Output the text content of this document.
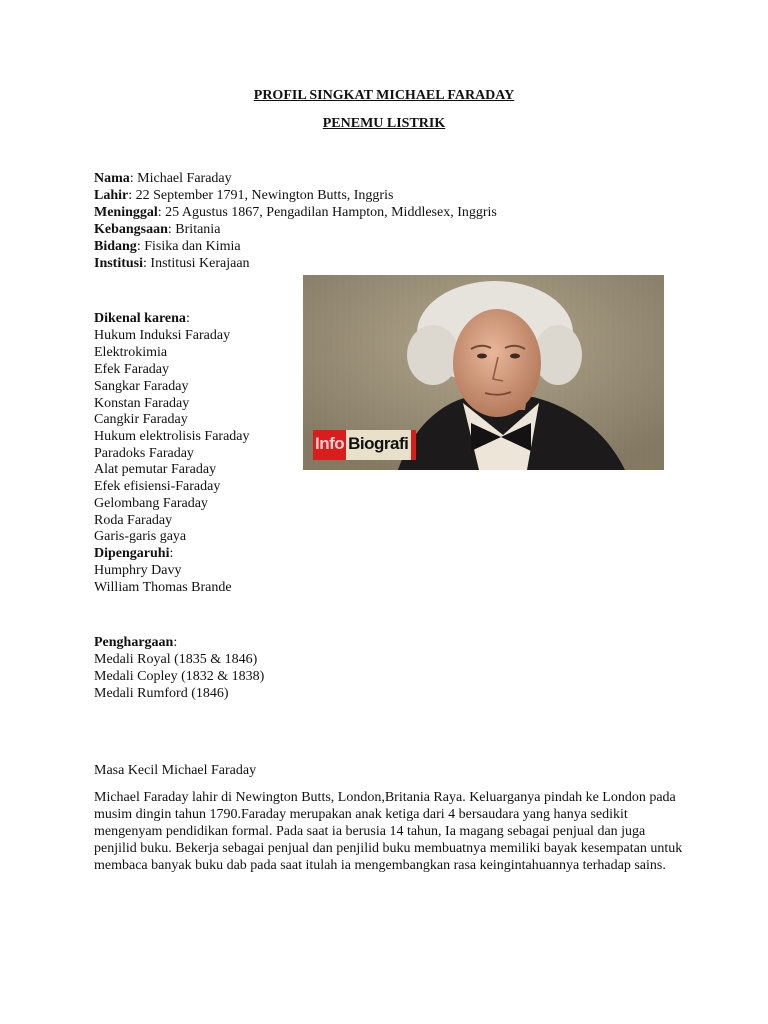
PROFIL SINGKAT MICHAEL FARADAY
PENEMU LISTRIK
Nama: Michael Faraday
Lahir: 22 September 1791, Newington Butts, Inggris
Meninggal: 25 Agustus 1867, Pengadilan Hampton, Middlesex, Inggris
Kebangsaan: Britania
Bidang: Fisika dan Kimia
Institusi: Institusi Kerajaan
Info Biografi
Dikenal karena:
Hukum Induksi Faraday
Elektrokimia
Efek Faraday
Sangkar Faraday
Konstan Faraday
Cangkir Faraday
Hukum elektrolisis Faraday
Paradoks Faraday
Alat pemutar Faraday
Efek efisiensi-Faraday
Gelombang Faraday
Roda Faraday
Garis-garis gaya
Dipengaruhi:
Humphry Davy
William Thomas Brande
Penghargaan:
Medali Royal (1835 & 1846)
Medali Copley (1832 & 1838)
Medali Rumford (1846)
Masa Kecil Michael Faraday
Michael Faraday lahir di Newington Butts, London,Britania Raya. Keluarganya pindah ke London pada musim dingin tahun 1790.Faraday merupakan anak ketiga dari 4 bersaudara yang hanya sedikit mengenyam pendidikan formal. Pada saat ia berusia 14 tahun, Ia magang sebagai penjual dan juga penjilid buku. Bekerja sebagai penjual dan penjilid buku membuatnya memiliki bayak kesempatan untuk membaca banyak buku dab pada saat itulah ia mengembangkan rasa keingintahuannya terhadap sains.
